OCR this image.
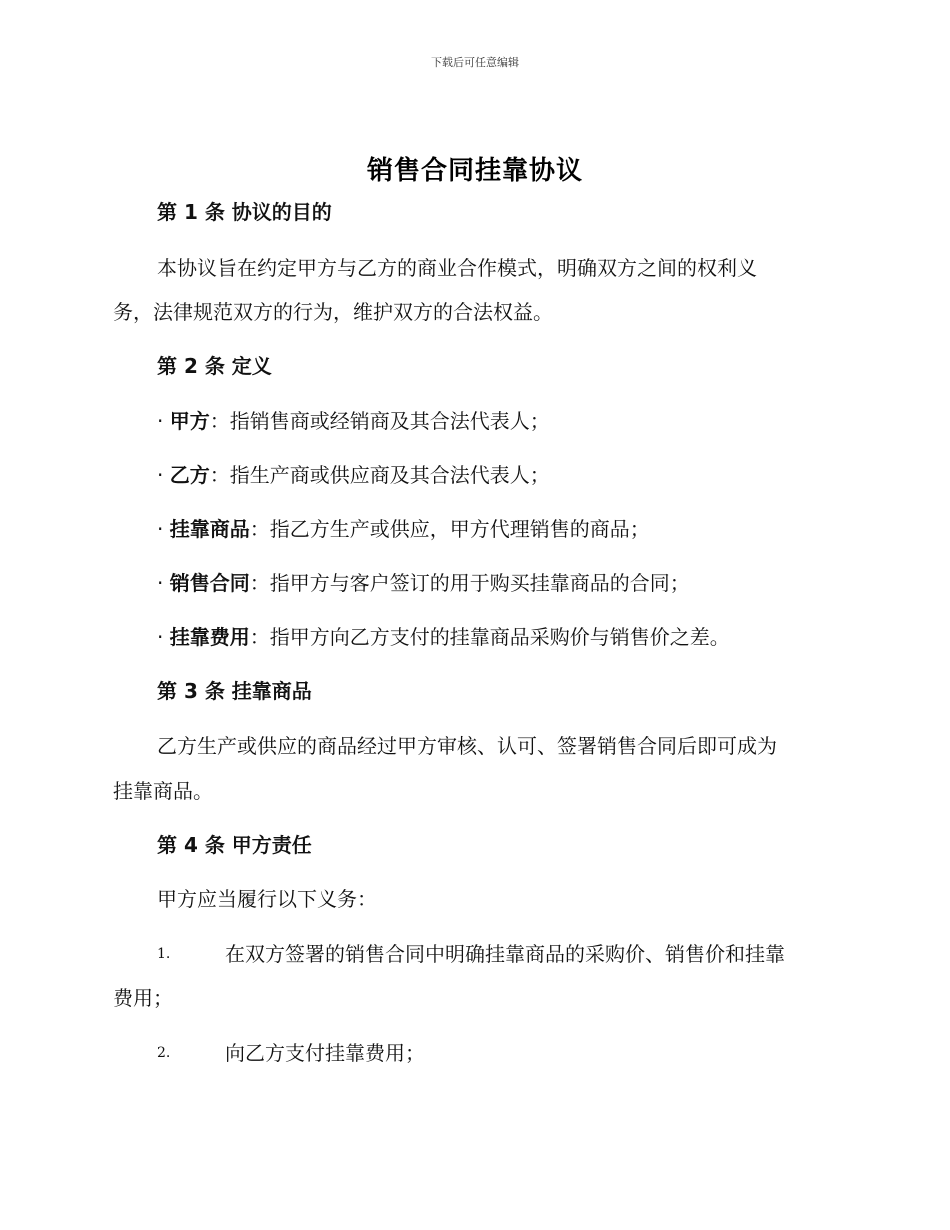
下载后可任意编辑
销售合同挂靠协议
第 1 条 协议的目的
本协议旨在约定甲方与乙方的商业合作模式，明确双方之间的权利义
务，法律规范双方的行为，维护双方的合法权益。
第 2 条 定义
· 甲方：指销售商或经销商及其合法代表人；
· 乙方：指生产商或供应商及其合法代表人；
· 挂靠商品：指乙方生产或供应，甲方代理销售的商品；
· 销售合同：指甲方与客户签订的用于购买挂靠商品的合同；
· 挂靠费用：指甲方向乙方支付的挂靠商品采购价与销售价之差。
第 3 条 挂靠商品
乙方生产或供应的商品经过甲方审核、认可、签署销售合同后即可成为
挂靠商品。
第 4 条 甲方责任
甲方应当履行以下义务：
1.	在双方签署的销售合同中明确挂靠商品的采购价、销售价和挂靠
费用；
2.	向乙方支付挂靠费用；
